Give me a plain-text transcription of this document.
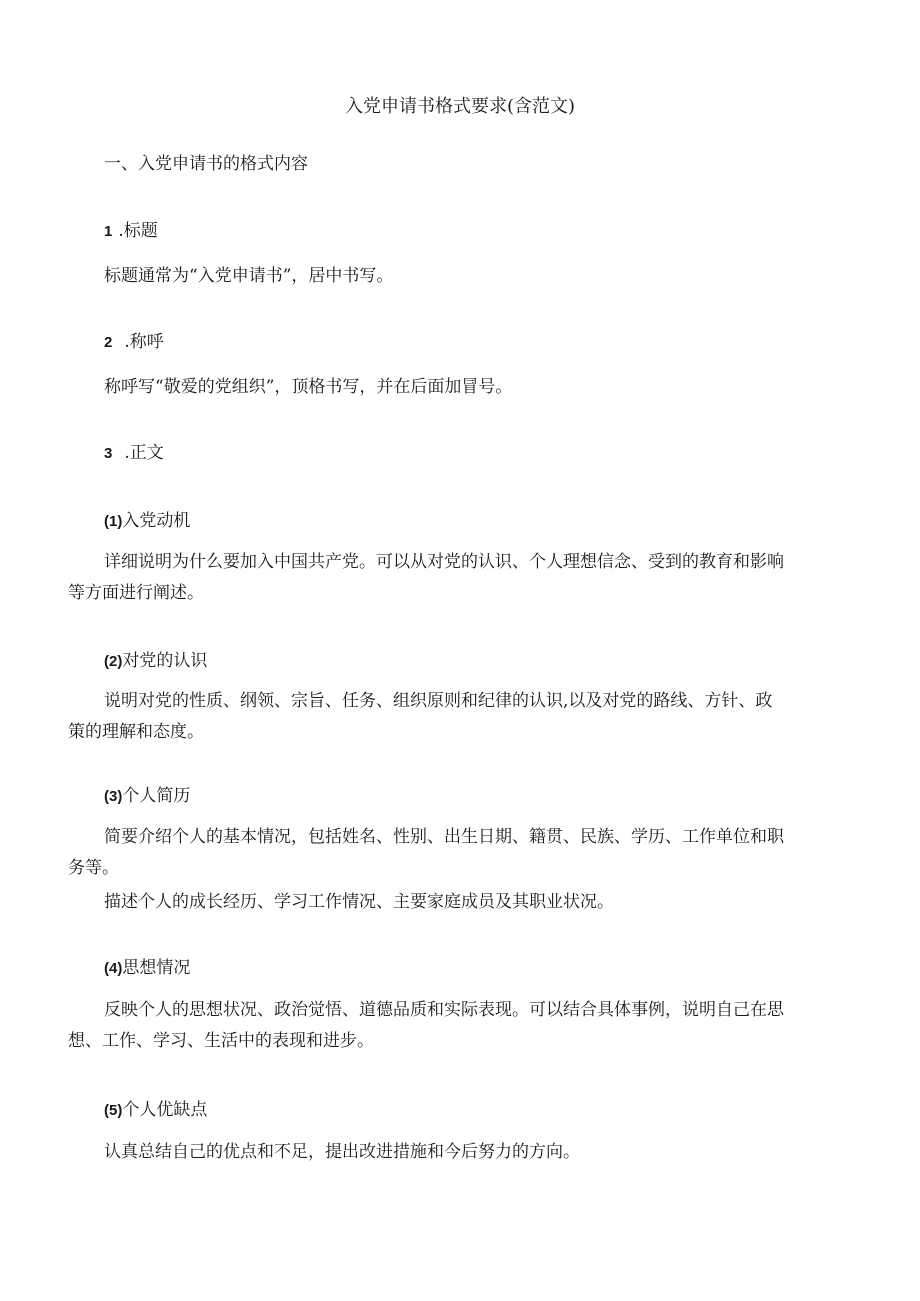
入党申请书格式要求(含范文)
一、入党申请书的格式内容
1 .标题
标题通常为“入党申请书”，居中书写。
2 .称呼
称呼写“敬爱的党组织”，顶格书写，并在后面加冒号。
3 .正文
(1)入党动机
详细说明为什么要加入中国共产党。可以从对党的认识、个人理想信念、受到的教育和影响
等方面进行阐述。
(2)对党的认识
说明对党的性质、纲领、宗旨、任务、组织原则和纪律的认识,以及对党的路线、方针、政
策的理解和态度。
(3)个人简历
简要介绍个人的基本情况，包括姓名、性别、出生日期、籍贯、民族、学历、工作单位和职
务等。
描述个人的成长经历、学习工作情况、主要家庭成员及其职业状况。
(4)思想情况
反映个人的思想状况、政治觉悟、道德品质和实际表现。可以结合具体事例，说明自己在思
想、工作、学习、生活中的表现和进步。
(5)个人优缺点
认真总结自己的优点和不足，提出改进措施和今后努力的方向。
